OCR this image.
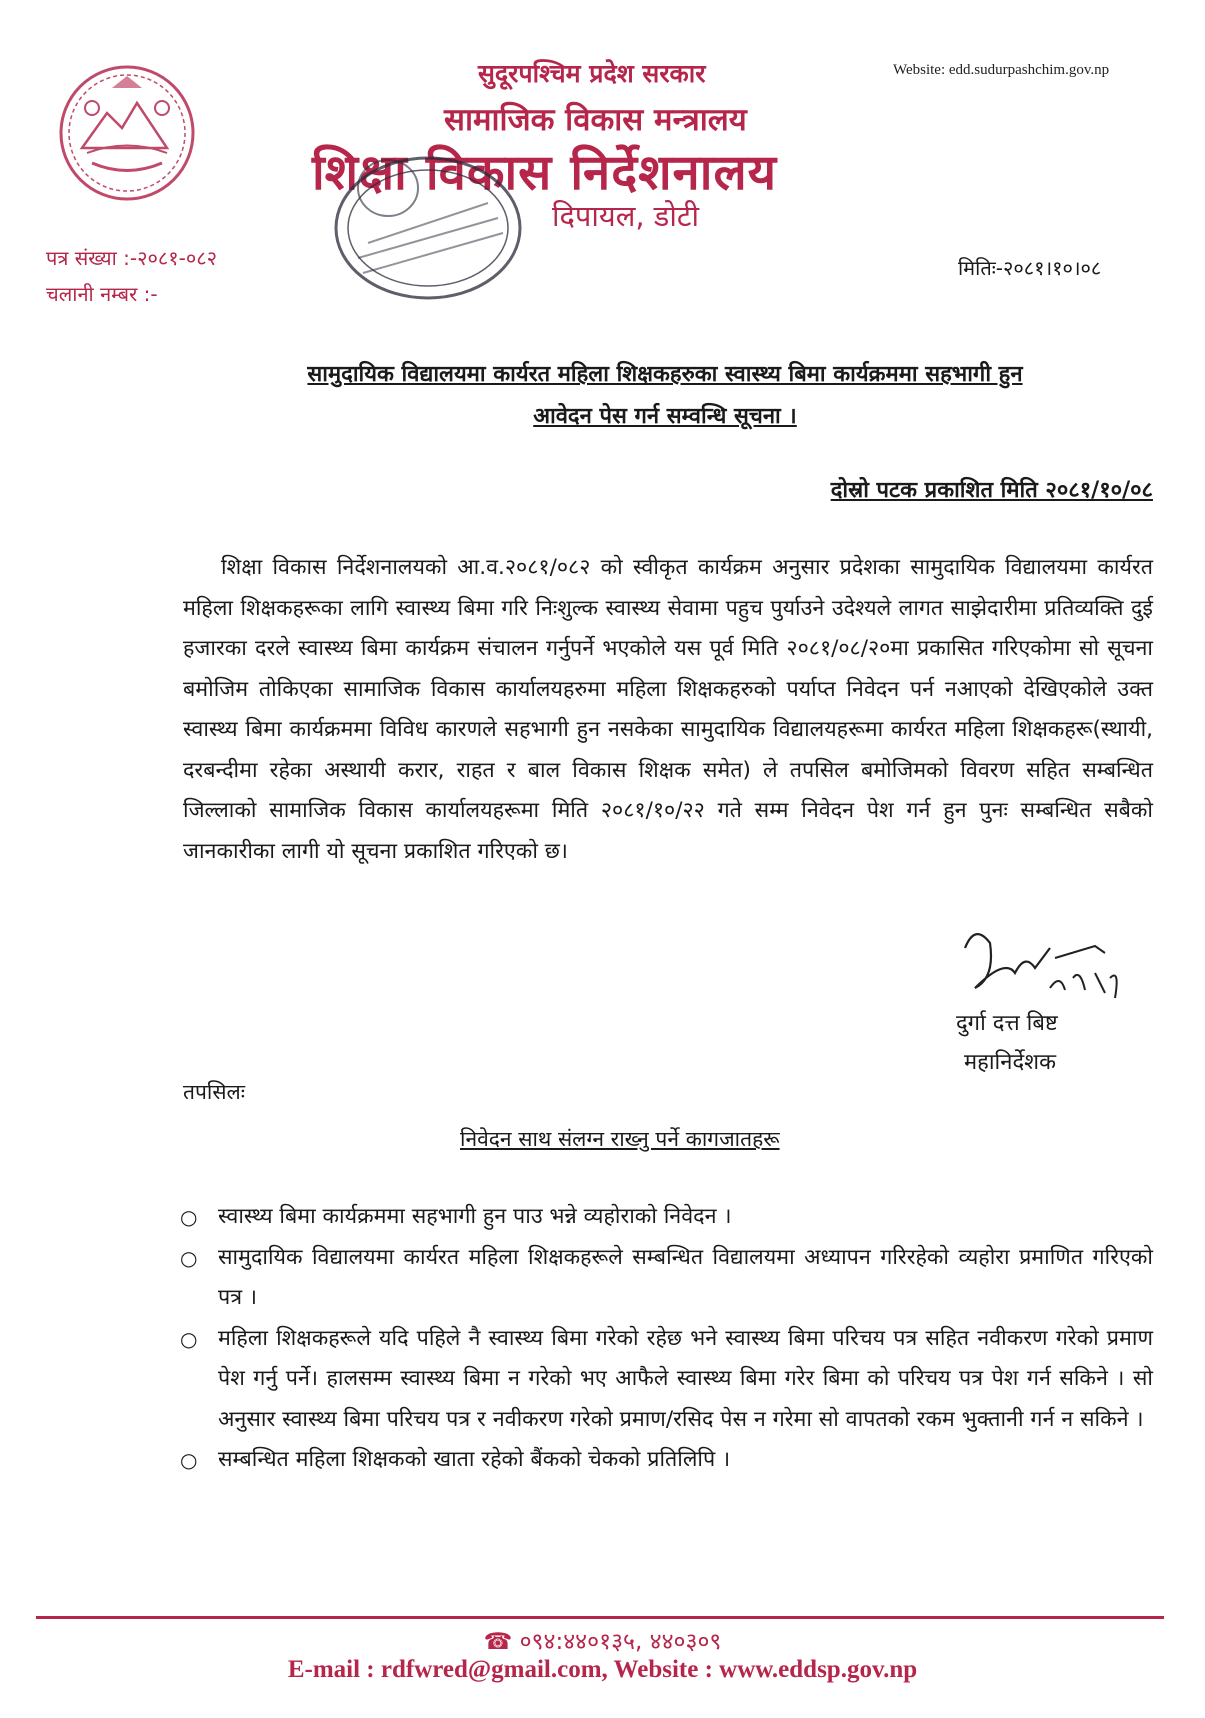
Website: edd.sudurpashchim.gov.np
सुदूरपश्चिम प्रदेश सरकार
सामाजिक विकास मन्त्रालय
शिक्षा विकास निर्देशनालय
दिपायल, डोटी
पत्र संख्या :-२०८१-०८२
चलानी नम्बर :-
मितिः-२०८१।१०।०८
सामुदायिक विद्यालयमा कार्यरत महिला शिक्षकहरुका स्वास्थ्य बिमा कार्यक्रममा सहभागी हुन
आवेदन पेस गर्न सम्वन्धि सूचना ।
दोस्रो पटक प्रकाशित मिति २०८१/१०/०८
शिक्षा विकास निर्देशनालयको आ.व.२०८१/०८२ को स्वीकृत कार्यक्रम अनुसार प्रदेशका सामुदायिक विद्यालयमा कार्यरत महिला शिक्षकहरूका लागि स्वास्थ्य बिमा गरि निःशुल्क स्वास्थ्य सेवामा पहुच पुर्याउने उदेश्यले लागत साझेदारीमा प्रतिव्यक्ति दुई हजारका दरले स्वास्थ्य बिमा कार्यक्रम संचालन गर्नुपर्ने भएकोले यस पूर्व मिति २०८१/०८/२०मा प्रकासित गरिएकोमा सो सूचना बमोजिम तोकिएका सामाजिक विकास कार्यालयहरुमा महिला शिक्षकहरुको पर्याप्त निवेदन पर्न नआएको देखिएकोले उक्त स्वास्थ्य बिमा कार्यक्रममा विविध कारणले सहभागी हुन नसकेका सामुदायिक विद्यालयहरूमा कार्यरत महिला शिक्षकहरू(स्थायी, दरबन्दीमा रहेका अस्थायी करार, राहत र बाल विकास शिक्षक समेत) ले तपसिल बमोजिमको विवरण सहित सम्बन्धित जिल्लाको सामाजिक विकास कार्यालयहरूमा मिति २०८१/१०/२२ गते सम्म निवेदन पेश गर्न हुन पुनः सम्बन्धित सबैको जानकारीका लागी यो सूचना प्रकाशित गरिएको छ।
दुर्गा दत्त बिष्ट
महानिर्देशक
तपसिलः
निवेदन साथ संलग्न राख्नु पर्ने कागजातहरू
○ स्वास्थ्य बिमा कार्यक्रममा सहभागी हुन पाउ भन्ने व्यहोराको निवेदन ।
○ सामुदायिक विद्यालयमा कार्यरत महिला शिक्षकहरूले सम्बन्धित विद्यालयमा अध्यापन गरिरहेको व्यहोरा प्रमाणित गरिएको पत्र ।
○ महिला शिक्षकहरूले यदि पहिले नै स्वास्थ्य बिमा गरेको रहेछ भने स्वास्थ्य बिमा परिचय पत्र सहित नवीकरण गरेको प्रमाण पेश गर्नु पर्ने। हालसम्म स्वास्थ्य बिमा न गरेको भए आफैले स्वास्थ्य बिमा गरेर बिमा को परिचय पत्र पेश गर्न सकिने । सो अनुसार स्वास्थ्य बिमा परिचय पत्र र नवीकरण गरेको प्रमाण/रसिद पेस न गरेमा सो वापतको रकम भुक्तानी गर्न न सकिने ।
○ सम्बन्धित महिला शिक्षकको खाता रहेको बैंकको चेकको प्रतिलिपि ।
☎ ०९४:४४०१३५, ४४०३०९
E-mail : rdfwred@gmail.com, Website : www.eddsp.gov.np
